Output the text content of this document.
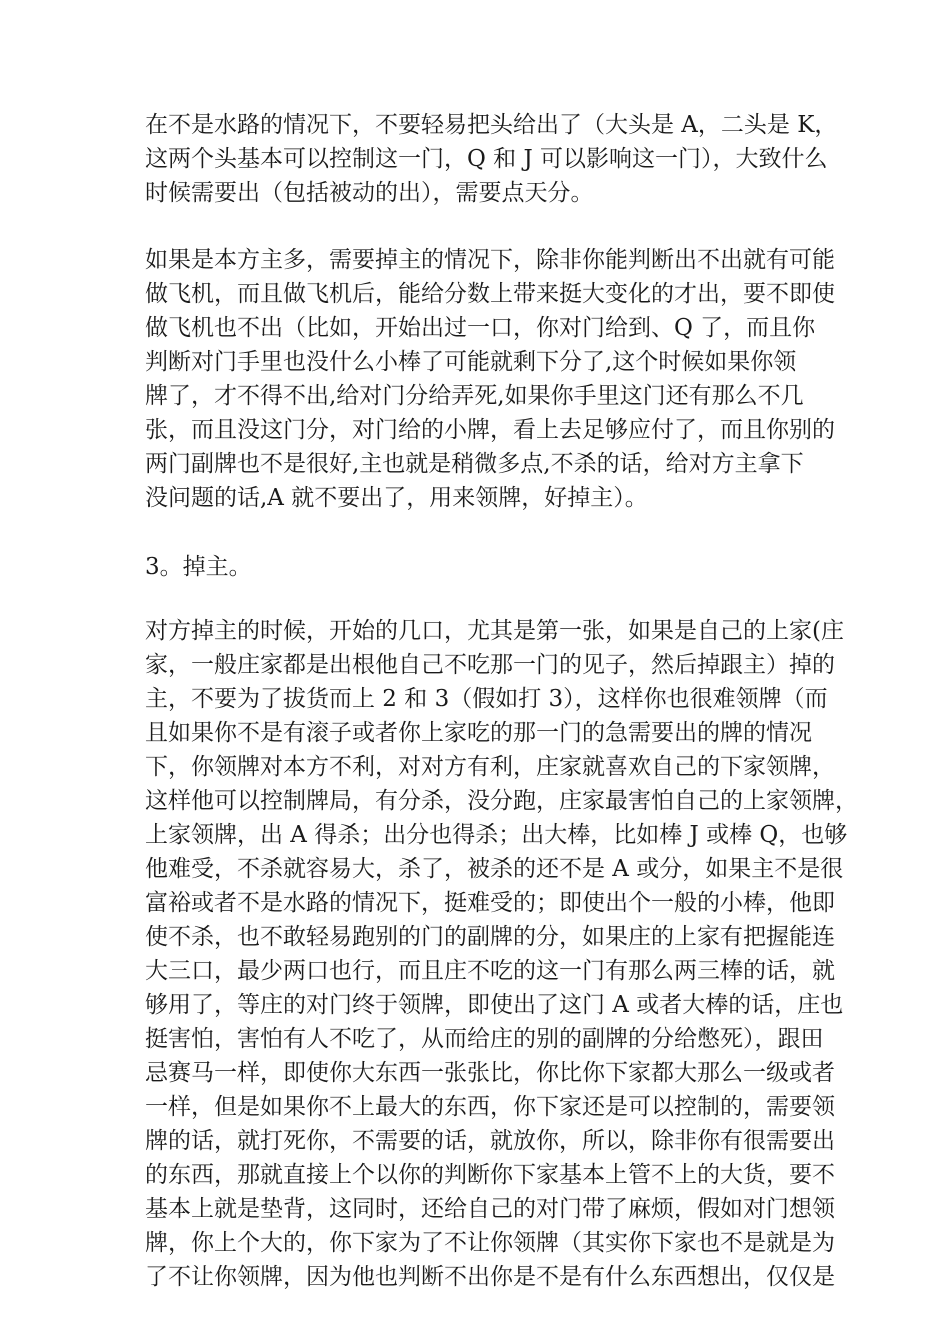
在不是水路的情况下，不要轻易把头给出了（大头是 A，二头是 K，
这两个头基本可以控制这一门，Q 和 J 可以影响这一门），大致什么
时候需要出（包括被动的出），需要点天分。
如果是本方主多，需要掉主的情况下，除非你能判断出不出就有可能
做飞机，而且做飞机后，能给分数上带来挺大变化的才出，要不即使
做飞机也不出（比如，开始出过一口，你对门给到、Q 了，而且你
判断对门手里也没什么小棒了可能就剩下分了,这个时候如果你领
牌了，才不得不出,给对门分给弄死,如果你手里这门还有那么不几
张，而且没这门分，对门给的小牌，看上去足够应付了，而且你别的
两门副牌也不是很好,主也就是稍微多点,不杀的话，给对方主拿下
没问题的话,A 就不要出了，用来领牌，好掉主）。
3。掉主。
对方掉主的时候，开始的几口，尤其是第一张，如果是自己的上家(庄
家，一般庄家都是出根他自己不吃那一门的见子，然后掉跟主）掉的
主，不要为了拔货而上 2 和 3（假如打 3），这样你也很难领牌（而
且如果你不是有滚子或者你上家吃的那一门的急需要出的牌的情况
下，你领牌对本方不利，对对方有利，庄家就喜欢自己的下家领牌，
这样他可以控制牌局，有分杀，没分跑，庄家最害怕自己的上家领牌，
上家领牌，出 A 得杀；出分也得杀；出大棒，比如棒 J 或棒 Q，也够
他难受，不杀就容易大，杀了，被杀的还不是 A 或分，如果主不是很
富裕或者不是水路的情况下，挺难受的；即使出个一般的小棒，他即
使不杀，也不敢轻易跑别的门的副牌的分，如果庄的上家有把握能连
大三口，最少两口也行，而且庄不吃的这一门有那么两三棒的话，就
够用了，等庄的对门终于领牌，即使出了这门 A 或者大棒的话，庄也
挺害怕，害怕有人不吃了，从而给庄的别的副牌的分给憋死），跟田
忌赛马一样，即使你大东西一张张比，你比你下家都大那么一级或者
一样，但是如果你不上最大的东西，你下家还是可以控制的，需要领
牌的话，就打死你，不需要的话，就放你，所以，除非你有很需要出
的东西，那就直接上个以你的判断你下家基本上管不上的大货，要不
基本上就是垫背，这同时，还给自己的对门带了麻烦，假如对门想领
牌，你上个大的，你下家为了不让你领牌（其实你下家也不是就是为
了不让你领牌，因为他也判断不出你是不是有什么东西想出，仅仅是
